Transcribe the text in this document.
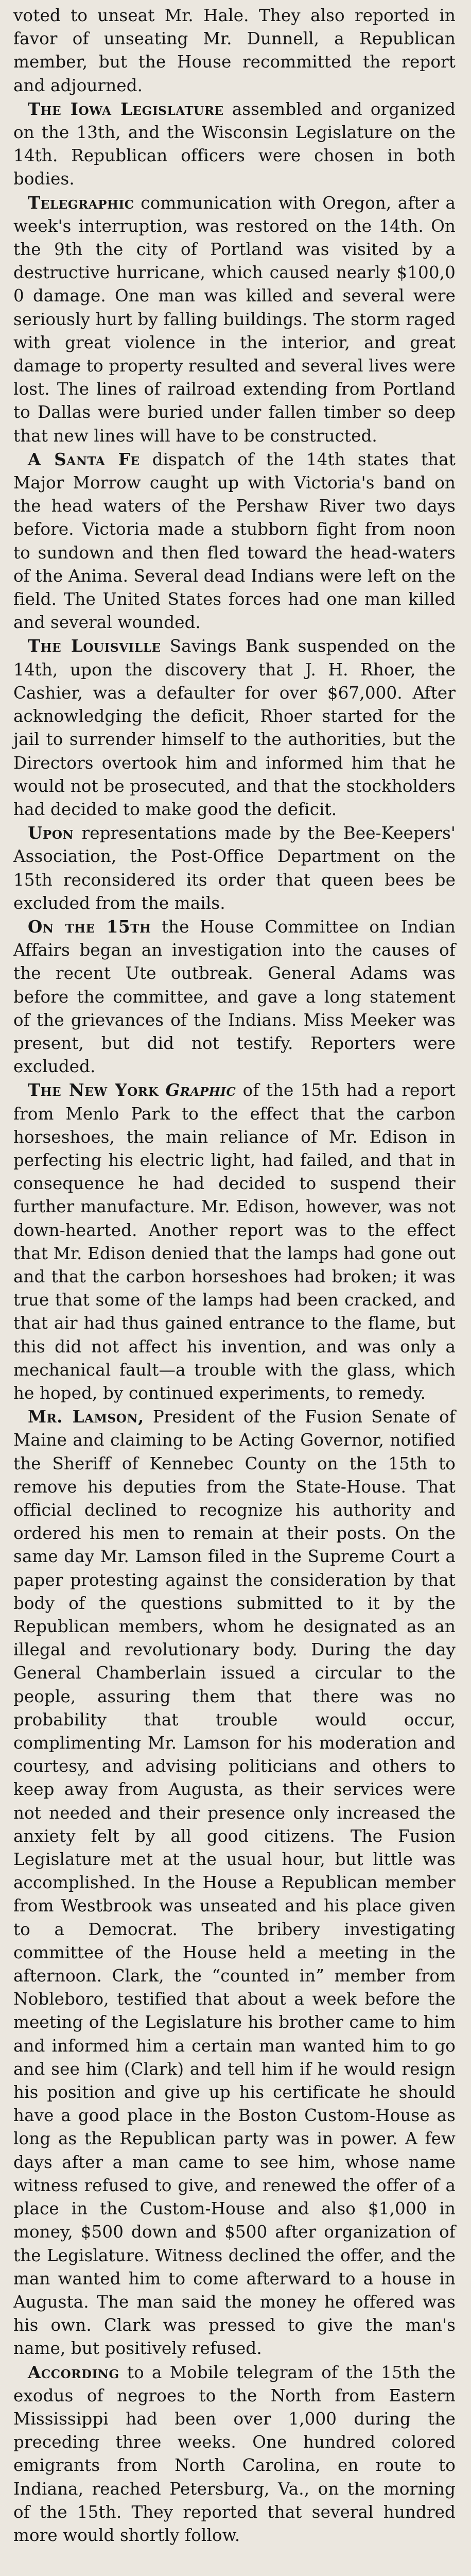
voted to unseat Mr. Hale. They also reported in favor of unseating Mr. Dunnell, a Republican member, but the House recommitted the report and adjourned.

The Iowa Legislature assembled and organized on the 13th, and the Wisconsin Legislature on the 14th. Republican officers were chosen in both bodies.

Telegraphic communication with Oregon, after a week's interruption, was restored on the 14th. On the 9th the city of Portland was visited by a destructive hurricane, which caused nearly $100,0 0 damage. One man was killed and several were seriously hurt by falling buildings. The storm raged with great violence in the interior, and great damage to property resulted and several lives were lost. The lines of railroad extending from Portland to Dallas were buried under fallen timber so deep that new lines will have to be constructed.

A Santa Fe dispatch of the 14th states that Major Morrow caught up with Victoria's band on the head waters of the Pershaw River two days before. Victoria made a stubborn fight from noon to sundown and then fled toward the head-waters of the Anima. Several dead Indians were left on the field. The United States forces had one man killed and several wounded.

The Louisville Savings Bank suspended on the 14th, upon the discovery that J. H. Rhoer, the Cashier, was a defaulter for over $67,000. After acknowledging the deficit, Rhoer started for the jail to surrender himself to the authorities, but the Directors overtook him and informed him that he would not be prosecuted, and that the stockholders had decided to make good the deficit.

Upon representations made by the Bee-Keepers' Association, the Post-Office Department on the 15th reconsidered its order that queen bees be excluded from the mails.

On the 15th the House Committee on Indian Affairs began an investigation into the causes of the recent Ute outbreak. General Adams was before the committee, and gave a long statement of the grievances of the Indians. Miss Meeker was present, but did not testify. Reporters were excluded.

The New York Graphic of the 15th had a report from Menlo Park to the effect that the carbon horseshoes, the main reliance of Mr. Edison in perfecting his electric light, had failed, and that in consequence he had decided to suspend their further manufacture. Mr. Edison, however, was not down-hearted. Another report was to the effect that Mr. Edison denied that the lamps had gone out and that the carbon horseshoes had broken; it was true that some of the lamps had been cracked, and that air had thus gained entrance to the flame, but this did not affect his invention, and was only a mechanical fault—a trouble with the glass, which he hoped, by continued experiments, to remedy.

Mr. Lamson, President of the Fusion Senate of Maine and claiming to be Acting Governor, notified the Sheriff of Kennebec County on the 15th to remove his deputies from the State-House. That official declined to recognize his authority and ordered his men to remain at their posts. On the same day Mr. Lamson filed in the Supreme Court a paper protesting against the consideration by that body of the questions submitted to it by the Republican members, whom he designated as an illegal and revolutionary body. During the day General Chamberlain issued a circular to the people, assuring them that there was no probability that trouble would occur, complimenting Mr. Lamson for his moderation and courtesy, and advising politicians and others to keep away from Augusta, as their services were not needed and their presence only increased the anxiety felt by all good citizens. The Fusion Legislature met at the usual hour, but little was accomplished. In the House a Republican member from Westbrook was unseated and his place given to a Democrat. The bribery investigating committee of the House held a meeting in the afternoon. Clark, the “counted in” member from Nobleboro, testified that about a week before the meeting of the Legislature his brother came to him and informed him a certain man wanted him to go and see him (Clark) and tell him if he would resign his position and give up his certificate he should have a good place in the Boston Custom-House as long as the Republican party was in power. A few days after a man came to see him, whose name witness refused to give, and renewed the offer of a place in the Custom-House and also $1,000 in money, $500 down and $500 after organization of the Legislature. Witness declined the offer, and the man wanted him to come afterward to a house in Augusta. The man said the money he offered was his own. Clark was pressed to give the man's name, but positively refused.

According to a Mobile telegram of the 15th the exodus of negroes to the North from Eastern Mississippi had been over 1,000 during the preceding three weeks. One hundred colored emigrants from North Carolina, en route to Indiana, reached Petersburg, Va., on the morning of the 15th. They reported that several hundred more would shortly follow.
